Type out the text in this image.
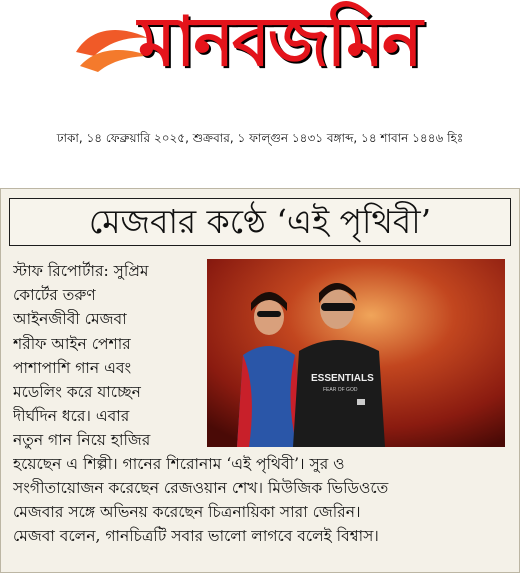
মানবজমিন
ঢাকা, ১৪ ফেব্রুয়ারি ২০২৫, শুক্রবার, ১ ফাল্গুন ১৪৩১ বঙ্গাব্দ, ১৪ শাবান ১৪৪৬ হিঃ
মেজবার কণ্ঠে ‘এই পৃথিবী’
স্টাফ রিপোর্টার: সুপ্রিম
কোর্টের তরুণ
আইনজীবী মেজবা
শরীফ আইন পেশার
পাশাপাশি গান এবং
মডেলিং করে যাচ্ছেন
দীর্ঘদিন ধরে। এবার
নতুন গান নিয়ে হাজির
ESSENTIALS
FEAR OF GOD
হয়েছেন এ শিল্পী। গানের শিরোনাম ‘এই পৃথিবী’। সুর ও
সংগীতায়োজন করেছেন রেজওয়ান শেখ। মিউজিক ভিডিওতে
মেজবার সঙ্গে অভিনয় করেছেন চিত্রনায়িকা সারা জেরিন।
মেজবা বলেন, গানচিত্রটি সবার ভালো লাগবে বলেই বিশ্বাস।
